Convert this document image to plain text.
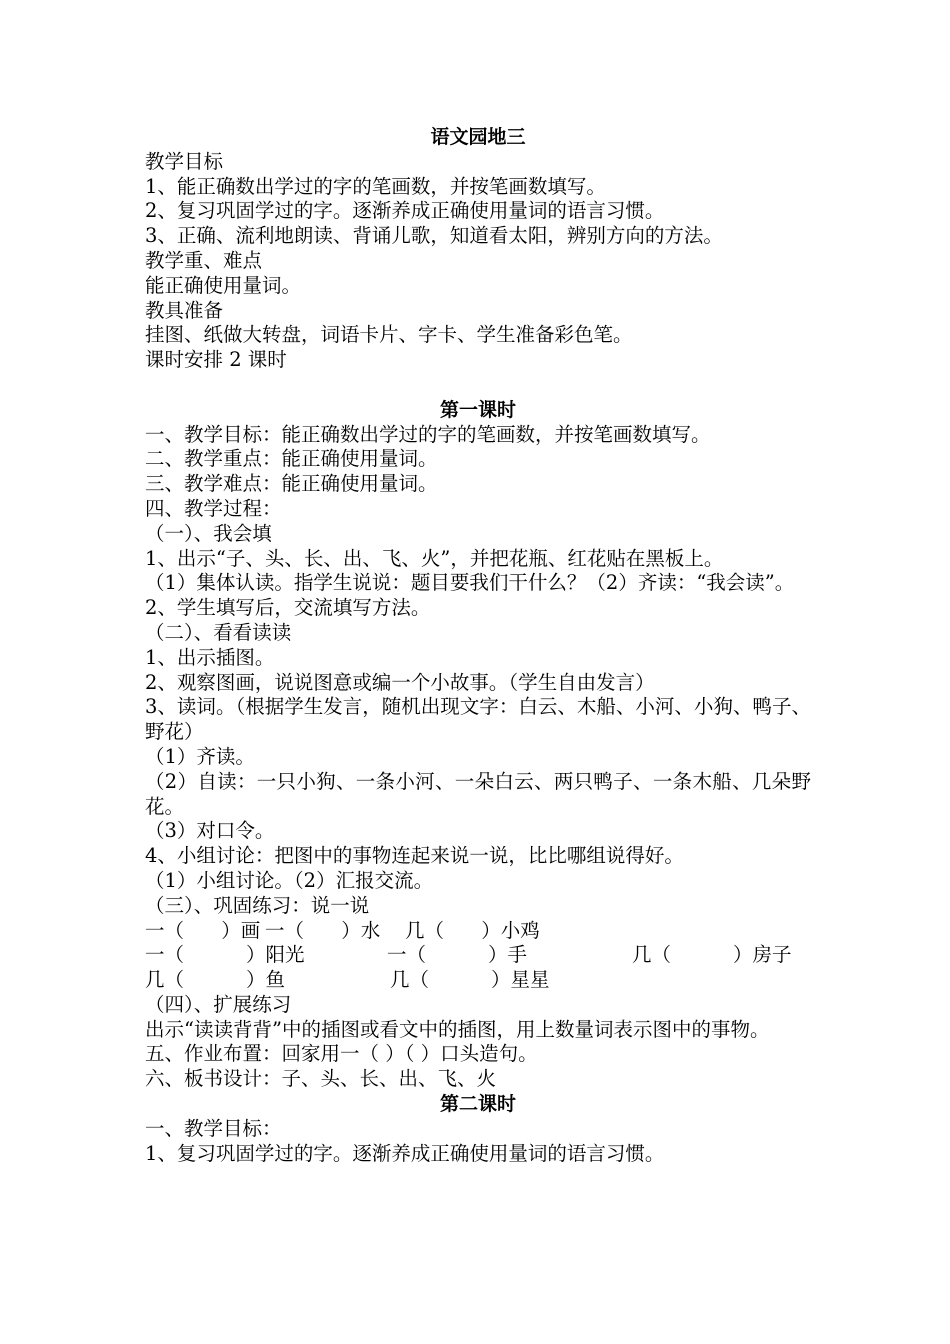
语文园地三
教学目标
1、能正确数出学过的字的笔画数，并按笔画数填写。
2、复习巩固学过的字。逐渐养成正确使用量词的语言习惯。
3、正确、流利地朗读、背诵儿歌，知道看太阳，辨别方向的方法。
教学重、难点
能正确使用量词。
教具准备
挂图、纸做大转盘，词语卡片、字卡、学生准备彩色笔。
课时安排 2 课时
第一课时
一、教学目标：能正确数出学过的字的笔画数，并按笔画数填写。
二、教学重点：能正确使用量词。
三、教学难点：能正确使用量词。
四、教学过程：
（一）、我会填
1、出示“子、头、长、出、飞、火”，并把花瓶、红花贴在黑板上。
（1）集体认读。指学生说说：题目要我们干什么？（2）齐读：“我会读”。
2、学生填写后，交流填写方法。
（二）、看看读读
1、出示插图。
2、观察图画，说说图意或编一个小故事。（学生自由发言）
3、读词。（根据学生发言，随机出现文字：白云、木船、小河、小狗、鸭子、野花）
（1）齐读。
（2）自读：一只小狗、一条小河、一朵白云、两只鸭子、一条木船、几朵野花。
（3）对口令。
4、小组讨论：把图中的事物连起来说一说，比比哪组说得好。
（1）小组讨论。（2）汇报交流。
（三）、巩固练习：说一说
一（      ）画 一（      ）水	几（      ）小鸡
一（          ）阳光	一（          ）手	几（          ）房子
几（          ）鱼	几（          ）星星
（四）、扩展练习
出示“读读背背”中的插图或看文中的插图，用上数量词表示图中的事物。
五、作业布置：回家用一（ ）（ ）口头造句。
六、板书设计：子、头、长、出、飞、火
第二课时
一、教学目标：
1、复习巩固学过的字。逐渐养成正确使用量词的语言习惯。
